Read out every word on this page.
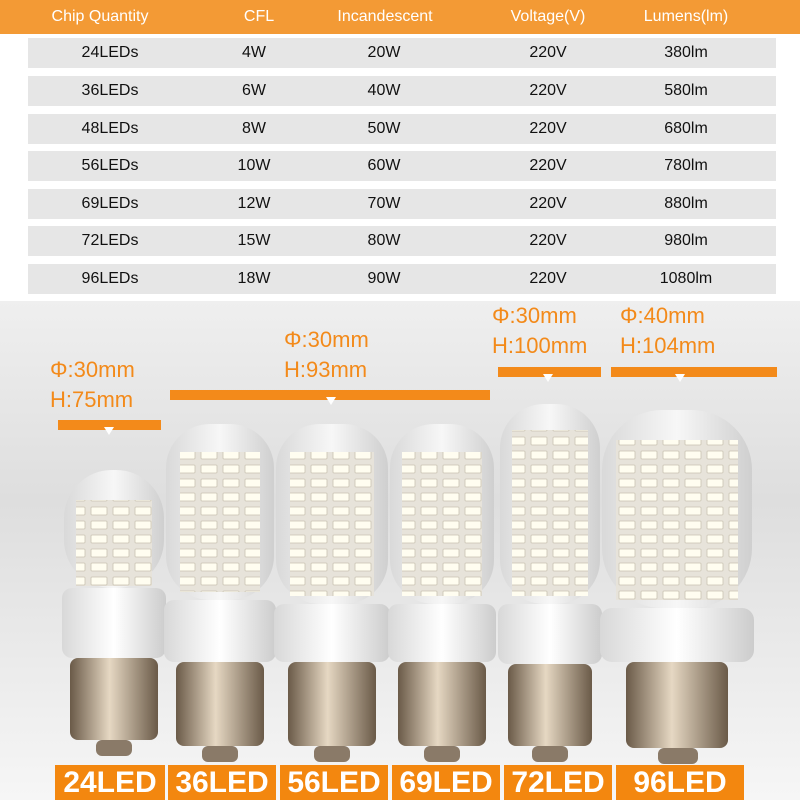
Chip Quantity	CFL	Incandescent	Voltage(V)	Lumens(lm)
24LEDs	4W	20W	220V	380lm
36LEDs	6W	40W	220V	580lm
48LEDs	8W	50W	220V	680lm
56LEDs	10W	60W	220V	780lm
69LEDs	12W	70W	220V	880lm
72LEDs	15W	80W	220V	980lm
96LEDs	18W	90W	220V	1080lm
Φ:30mm
H:75mm
Φ:30mm
H:93mm
Φ:30mm
H:100mm
Φ:40mm
H:104mm
24LED 36LED 56LED 69LED 72LED 96LED
